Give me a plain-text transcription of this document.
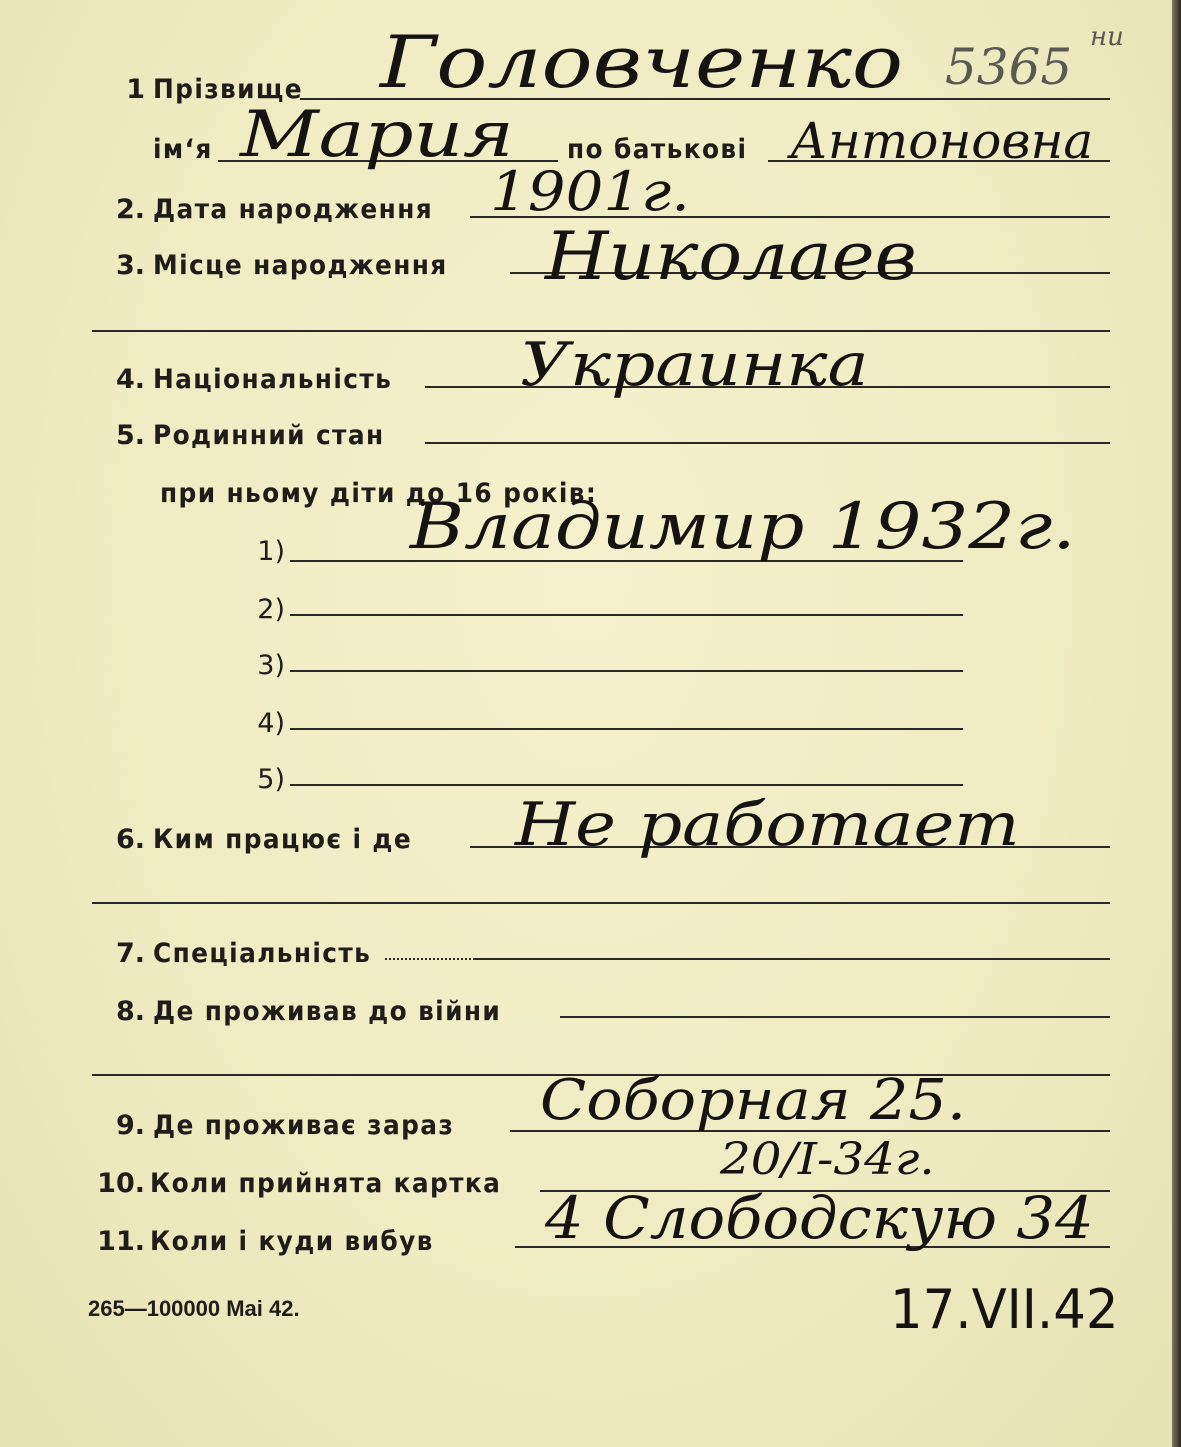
1 Прізвище Головченко 5365
ни
ім‘я Мария по батькові Антоновна
2. Дата народження 1901г.
3. Місце народження Николаев
4. Національність Украинка
5. Родинний стан
при ньому діти до 16 років:
1) Владимир 1932г.
2)
3)
4)
5)
6. Ким працює і де Не работает
7. Спеціальність
8. Де проживав до війни
9. Де проживає зараз Соборная 25.
10. Коли прийнята картка	20/I-34г.
11. Коли і куди вибув 4 Слободскую 34
265—100000 Mai 42.	17.VII.42
